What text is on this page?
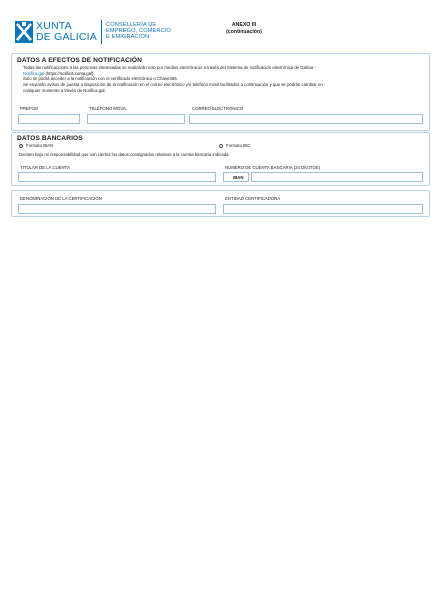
XUNTA
DE GALICIA
CONSELLERÍA DE
EMPREGO, COMERCIO
E EMIGRACIÓN
ANEXO III
(continuación)
DATOS A EFECTOS DE NOTIFICACIÓN
Todas las notificaciones a las personas interesadas se realizarán solo por medios electrónicos a través del Sistema de notificación electrónica de Galicia -
Notifica.gal (https://notifica.xunta.gal).
Solo se podrá acceder a la notificación con el certificado electrónico o Chave365.
Se enviarán avisos de puesta a disposición de la notificación en el correo electrónico y/o teléfono móvil facilitados a continuación y que se podrán cambiar en
cualquier momento a través de Notifica.gal:
PREFIJO	TELÉFONO MÓVIL	CORREO ELECTRÓNICO
DATOS BANCARIOS
•	Formato IBAN	Formato BIC
Declaro bajo mi responsabilidad que son ciertos los datos consignados relativos a la cuenta bancaria indicada.
TITULAR DE LA CUENTA	NÚMERO DE CUENTA BANCARIA (24 DÍGITOS)
IBAN
DENOMINACIÓN DE LA CERTIFICACIÓN	ENTIDAD CERTIFICADORA
